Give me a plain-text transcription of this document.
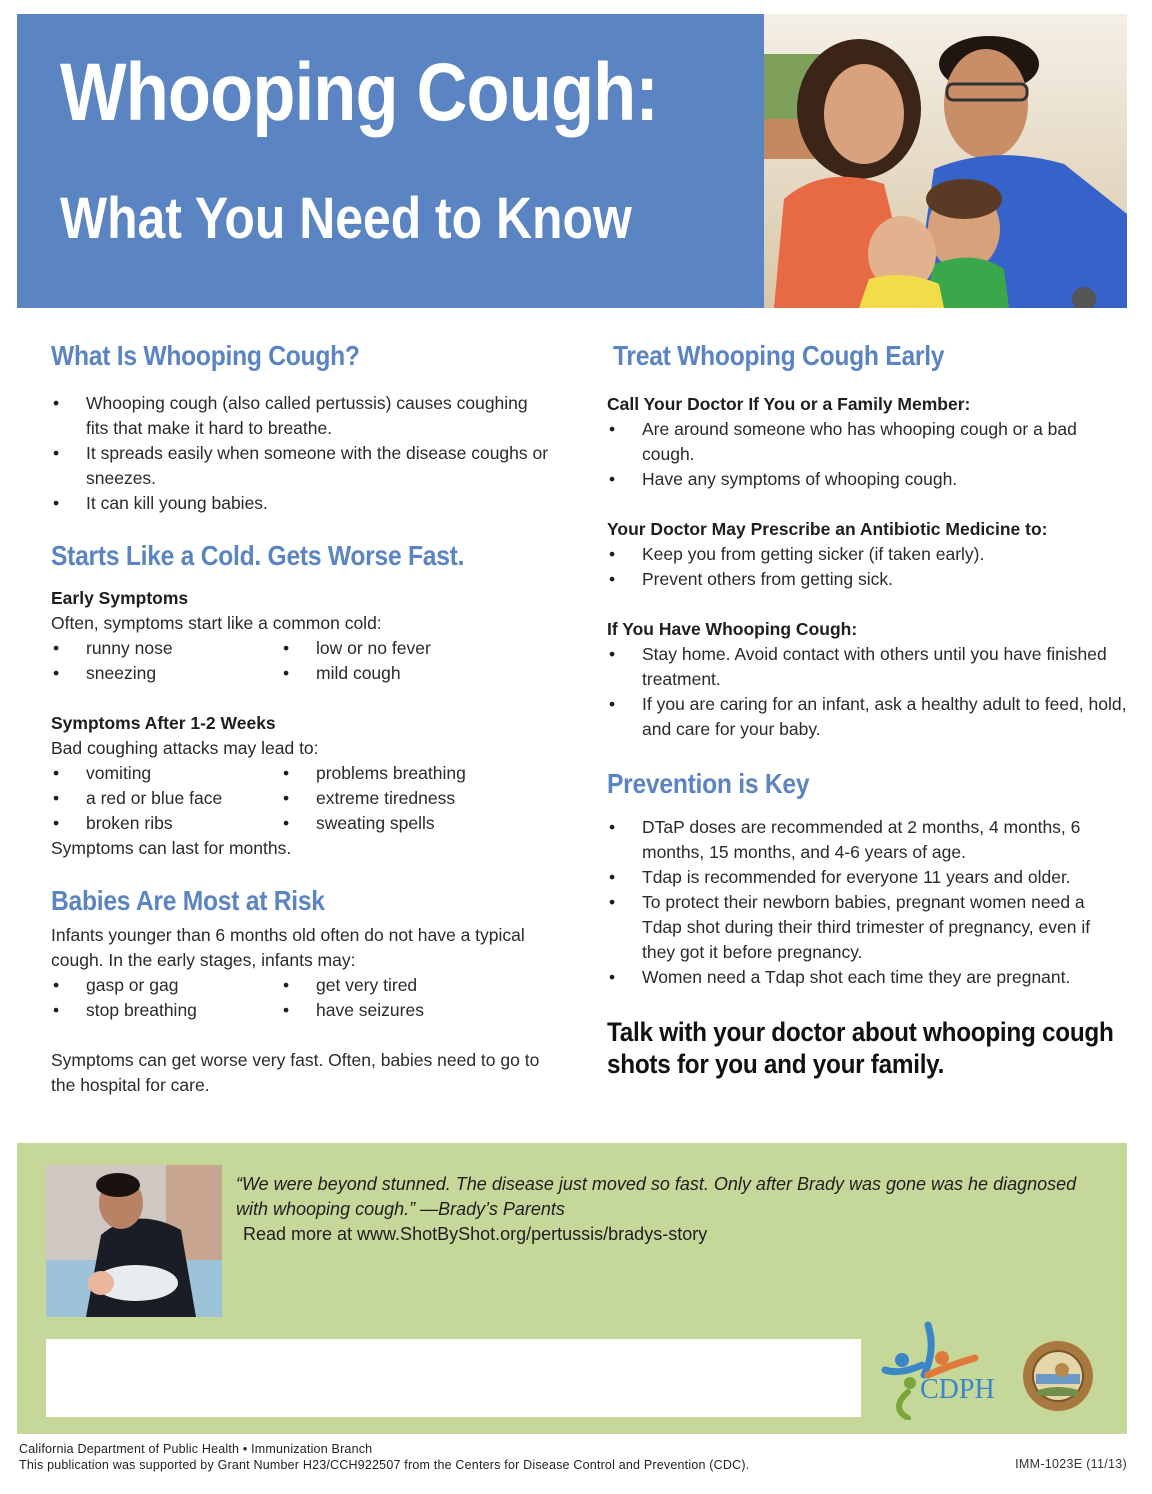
Whooping Cough:
What You Need to Know
What Is Whooping Cough?
• Whooping cough (also called pertussis) causes coughing fits that make it hard to breathe.
• It spreads easily when someone with the disease coughs or sneezes.
• It can kill young babies.
Starts Like a Cold. Gets Worse Fast.
Early Symptoms

Often, symptoms start like a common cold:

• runny nose	• low or no fever
• sneezing	• mild cough
Symptoms After 1-2 Weeks

Bad coughing attacks may lead to:

• vomiting	• problems breathing
• a red or blue face	• extreme tiredness
• broken ribs	• sweating spells

Symptoms can last for months.

Babies Are Most at Risk

Infants younger than 6 months old often do not have a typical cough. In the early stages, infants may:

• gasp or gag	• get very tired
• stop breathing	• have seizures

Symptoms can get worse very fast. Often, babies need to go to the hospital for care.

Treat Whooping Cough Early
Call Your Doctor If You or a Family Member:
• Are around someone who has whooping cough or a bad cough.
• Have any symptoms of whooping cough.
Your Doctor May Prescribe an Antibiotic Medicine to:
• Keep you from getting sicker (if taken early).
• Prevent others from getting sick.
If You Have Whooping Cough:
• Stay home. Avoid contact with others until you have finished treatment.
• If you are caring for an infant, ask a healthy adult to feed, hold, and care for your baby.
Prevention is Key
• DTaP doses are recommended at 2 months, 4 months, 6 months, 15 months, and 4-6 years of age.
• Tdap is recommended for everyone 11 years and older.
• To protect their newborn babies, pregnant women need a Tdap shot during their third trimester of pregnancy, even if they got it before pregnancy.
• Women need a Tdap shot each time they are pregnant.
Talk with your doctor about whooping cough shots for you and your family.
“We were beyond stunned. The disease just moved so fast. Only after Brady was gone was he diagnosed with whooping cough.” —Brady’s Parents
Read more at www.ShotByShot.org/pertussis/bradys-story
CDPH
California Department of Public Health • Immunization Branch
This publication was supported by Grant Number H23/CCH922507 from the Centers for Disease Control and Prevention (CDC).	IMM-1023E (11/13)
